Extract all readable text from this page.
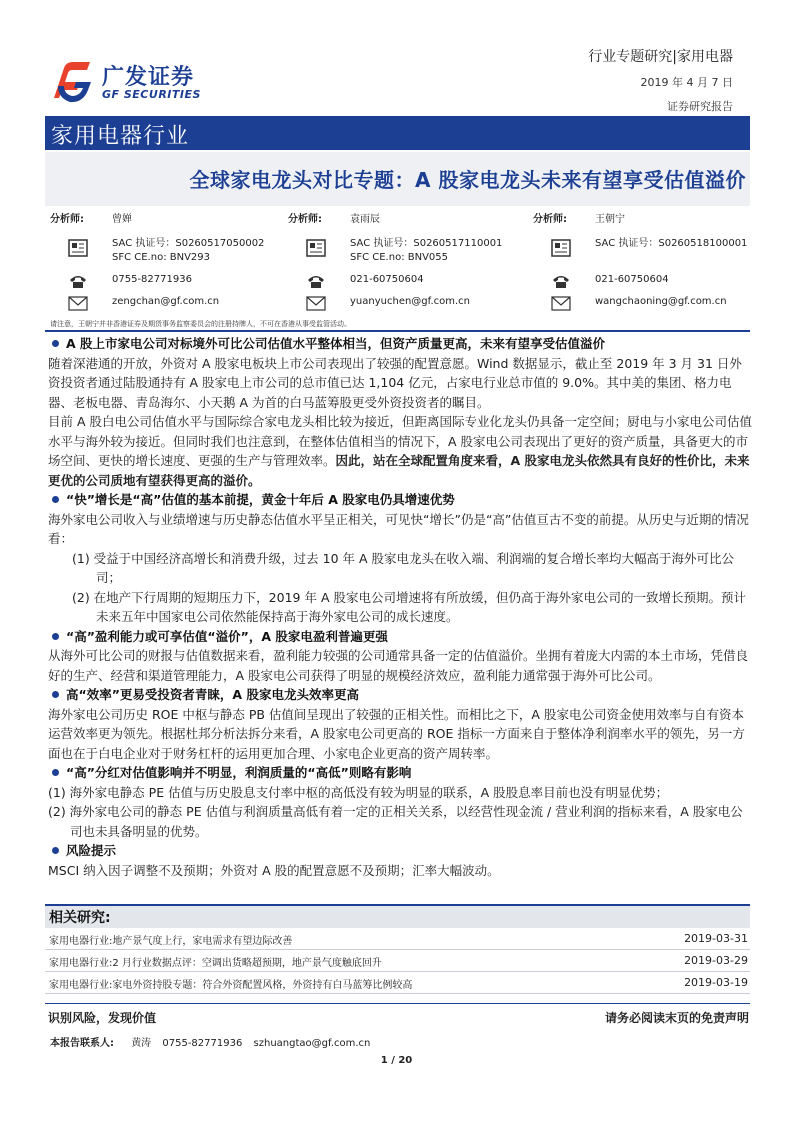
广发证券
GF SECURITIES
行业专题研究|家用电器
2019 年 4 月 7 日
证券研究报告
家用电器行业
全球家电龙头对比专题：A 股家电龙头未来有望享受估值溢价
分析师:	曾婵
SAC 执证号：S0260517050002
SFC CE.no: BNV293
0755-82771936
zengchan@gf.com.cn
分析师:	袁雨辰
SAC 执证号：S0260517110001
SFC CE.no: BNV055
021-60750604
yuanyuchen@gf.com.cn
分析师:	王朝宁
SAC 执证号：S0260518100001
021-60750604
wangchaoning@gf.com.cn
请注意，王朝宁并非香港证券及期货事务监察委员会的注册持牌人，不可在香港从事受监管活动。
A 股上市家电公司对标境外可比公司估值水平整体相当，但资产质量更高，未来有望享受估值溢价
随着深港通的开放，外资对 A 股家电板块上市公司表现出了较强的配置意愿。Wind 数据显示，截止至 2019 年 3 月 31 日外资投资者通过陆股通持有 A 股家电上市公司的总市值已达 1,104 亿元，占家电行业总市值的 9.0%。其中美的集团、格力电器、老板电器、青岛海尔、小天鹅 A 为首的白马蓝筹股更受外资投资者的瞩目。
目前 A 股白电公司估值水平与国际综合家电龙头相比较为接近，但距离国际专业化龙头仍具备一定空间；厨电与小家电公司估值水平与海外较为接近。但同时我们也注意到，在整体估值相当的情况下，A 股家电公司表现出了更好的资产质量，具备更大的市场空间、更快的增长速度、更强的生产与管理效率。因此，站在全球配置角度来看，A 股家电龙头依然具有良好的性价比，未来更优的公司质地有望获得更高的溢价。
“快”增长是“高”估值的基本前提，黄金十年后 A 股家电仍具增速优势
海外家电公司收入与业绩增速与历史静态估值水平呈正相关，可见快“增长”仍是“高”估值亘古不变的前提。从历史与近期的情况看：
(1) 受益于中国经济高增长和消费升级，过去 10 年 A 股家电龙头在收入端、利润端的复合增长率均大幅高于海外可比公司；
(2) 在地产下行周期的短期压力下，2019 年 A 股家电公司增速将有所放缓，但仍高于海外家电公司的一致增长预期。预计未来五年中国家电公司依然能保持高于海外家电公司的成长速度。
“高”盈利能力或可享估值“溢价”，A 股家电盈利普遍更强
从海外可比公司的财报与估值数据来看，盈利能力较强的公司通常具备一定的估值溢价。坐拥有着庞大内需的本土市场，凭借良好的生产、经营和渠道管理能力，A 股家电公司获得了明显的规模经济效应，盈利能力通常强于海外可比公司。
高“效率”更易受投资者青睐，A 股家电龙头效率更高
海外家电公司历史 ROE 中枢与静态 PB 估值间呈现出了较强的正相关性。而相比之下，A 股家电公司资金使用效率与自有资本运营效率更为领先。根据杜邦分析法拆分来看，A 股家电公司更高的 ROE 指标一方面来自于整体净利润率水平的领先，另一方面也在于白电企业对于财务杠杆的运用更加合理、小家电企业更高的资产周转率。
“高”分红对估值影响并不明显，利润质量的“高低”则略有影响
(1) 海外家电静态 PE 估值与历史股息支付率中枢的高低没有较为明显的联系，A 股股息率目前也没有明显优势；
(2) 海外家电公司的静态 PE 估值与利润质量高低有着一定的正相关关系，以经营性现金流 / 营业利润的指标来看，A 股家电公司也未具备明显的优势。
风险提示
MSCI 纳入因子调整不及预期；外资对 A 股的配置意愿不及预期；汇率大幅波动。
相关研究:
家用电器行业:地产景气度上行，家电需求有望边际改善	2019-03-31
家用电器行业:2 月行业数据点评：空调出货略超预期，地产景气度触底回升	2019-03-29
家用电器行业:家电外资持股专题：符合外资配置风格，外资持有白马蓝筹比例较高	2019-03-19
识别风险，发现价值	请务必阅读末页的免责声明
本报告联系人: 黄涛 0755-82771936 szhuangtao@gf.com.cn
1 / 20
